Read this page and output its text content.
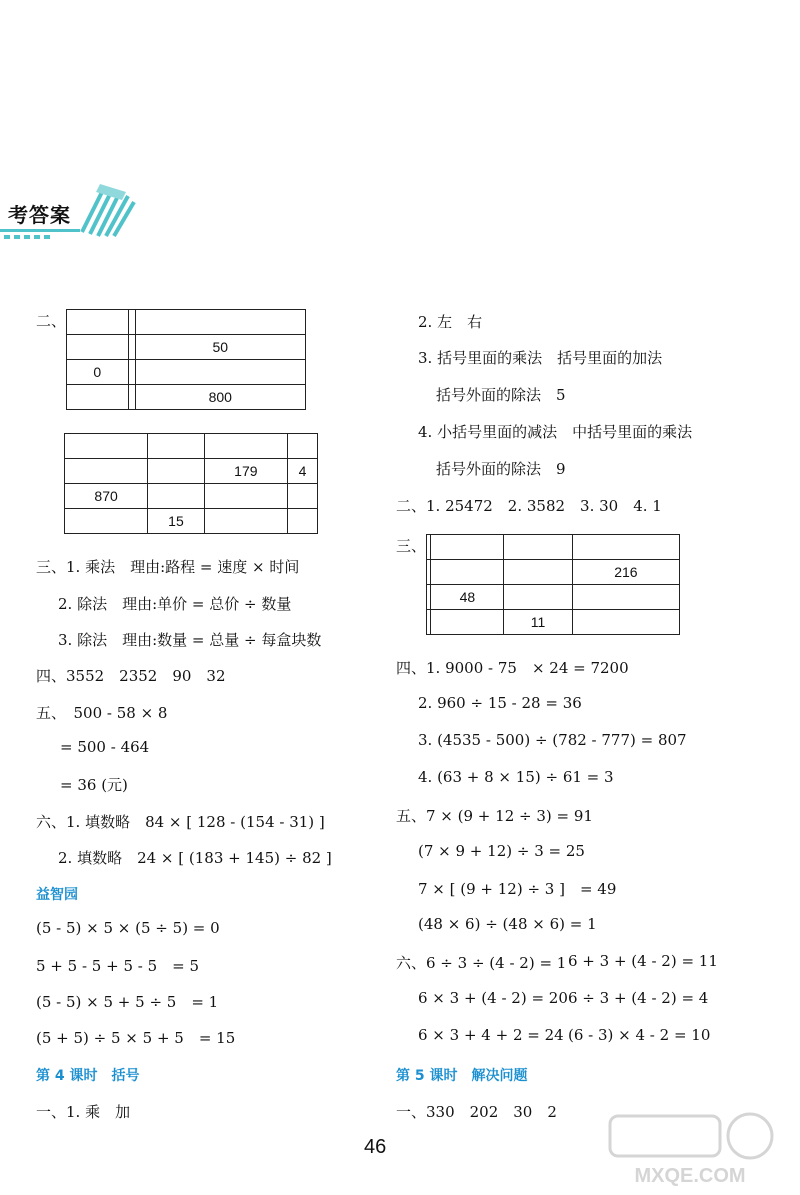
考答案
二、

		50
0		
		800

		179	4
870			
	15		
三、1. 乘法　理由:路程 = 速度 × 时间
2. 除法　理由:单价 = 总价 ÷ 数量
3. 除法　理由:数量 = 总量 ÷ 每盒块数
四、3552　2352　90　32
五、　500 - 58 × 8
= 500 - 464
= 36 (元)
六、1. 填数略　84 × [ 128 - (154 - 31) ]
2. 填数略　24 × [ (183 + 145) ÷ 82 ]
益智园
(5 - 5) × 5 × (5 ÷ 5) = 0
5 + 5 - 5 + 5 - 5　= 5
(5 - 5) × 5 + 5 ÷ 5　= 1
(5 + 5) ÷ 5 × 5 + 5　= 15
第 4 课时　括号
一、1. 乘　加
2. 左　右
3. 括号里面的乘法　括号里面的加法
括号外面的除法　5
4. 小括号里面的减法　中括号里面的乘法
括号外面的除法　9
二、1. 25472　2. 3582　3. 30　4. 1
三、

			216
	48		
		11	
四、1. 9000 - 75　× 24 = 7200
2. 960 ÷ 15 - 28 = 36
3. (4535 - 500) ÷ (782 - 777) = 807
4. (63 + 8 × 15) ÷ 61 = 3
五、7 × (9 + 12 ÷ 3) = 91
(7 × 9 + 12) ÷ 3 = 25
7 × [ (9 + 12) ÷ 3 ]　= 49
(48 × 6) ÷ (48 × 6) = 1
六、6 ÷ 3 ÷ (4 - 2) = 1 6 + 3 + (4 - 2) = 11
6 × 3 + (4 - 2) = 20 6 ÷ 3 + (4 - 2) = 4
6 × 3 + 4 + 2 = 24 (6 - 3) × 4 - 2 = 10
第 5 课时　解决问题
一、330　202　30　2
46
MXQE.COM
